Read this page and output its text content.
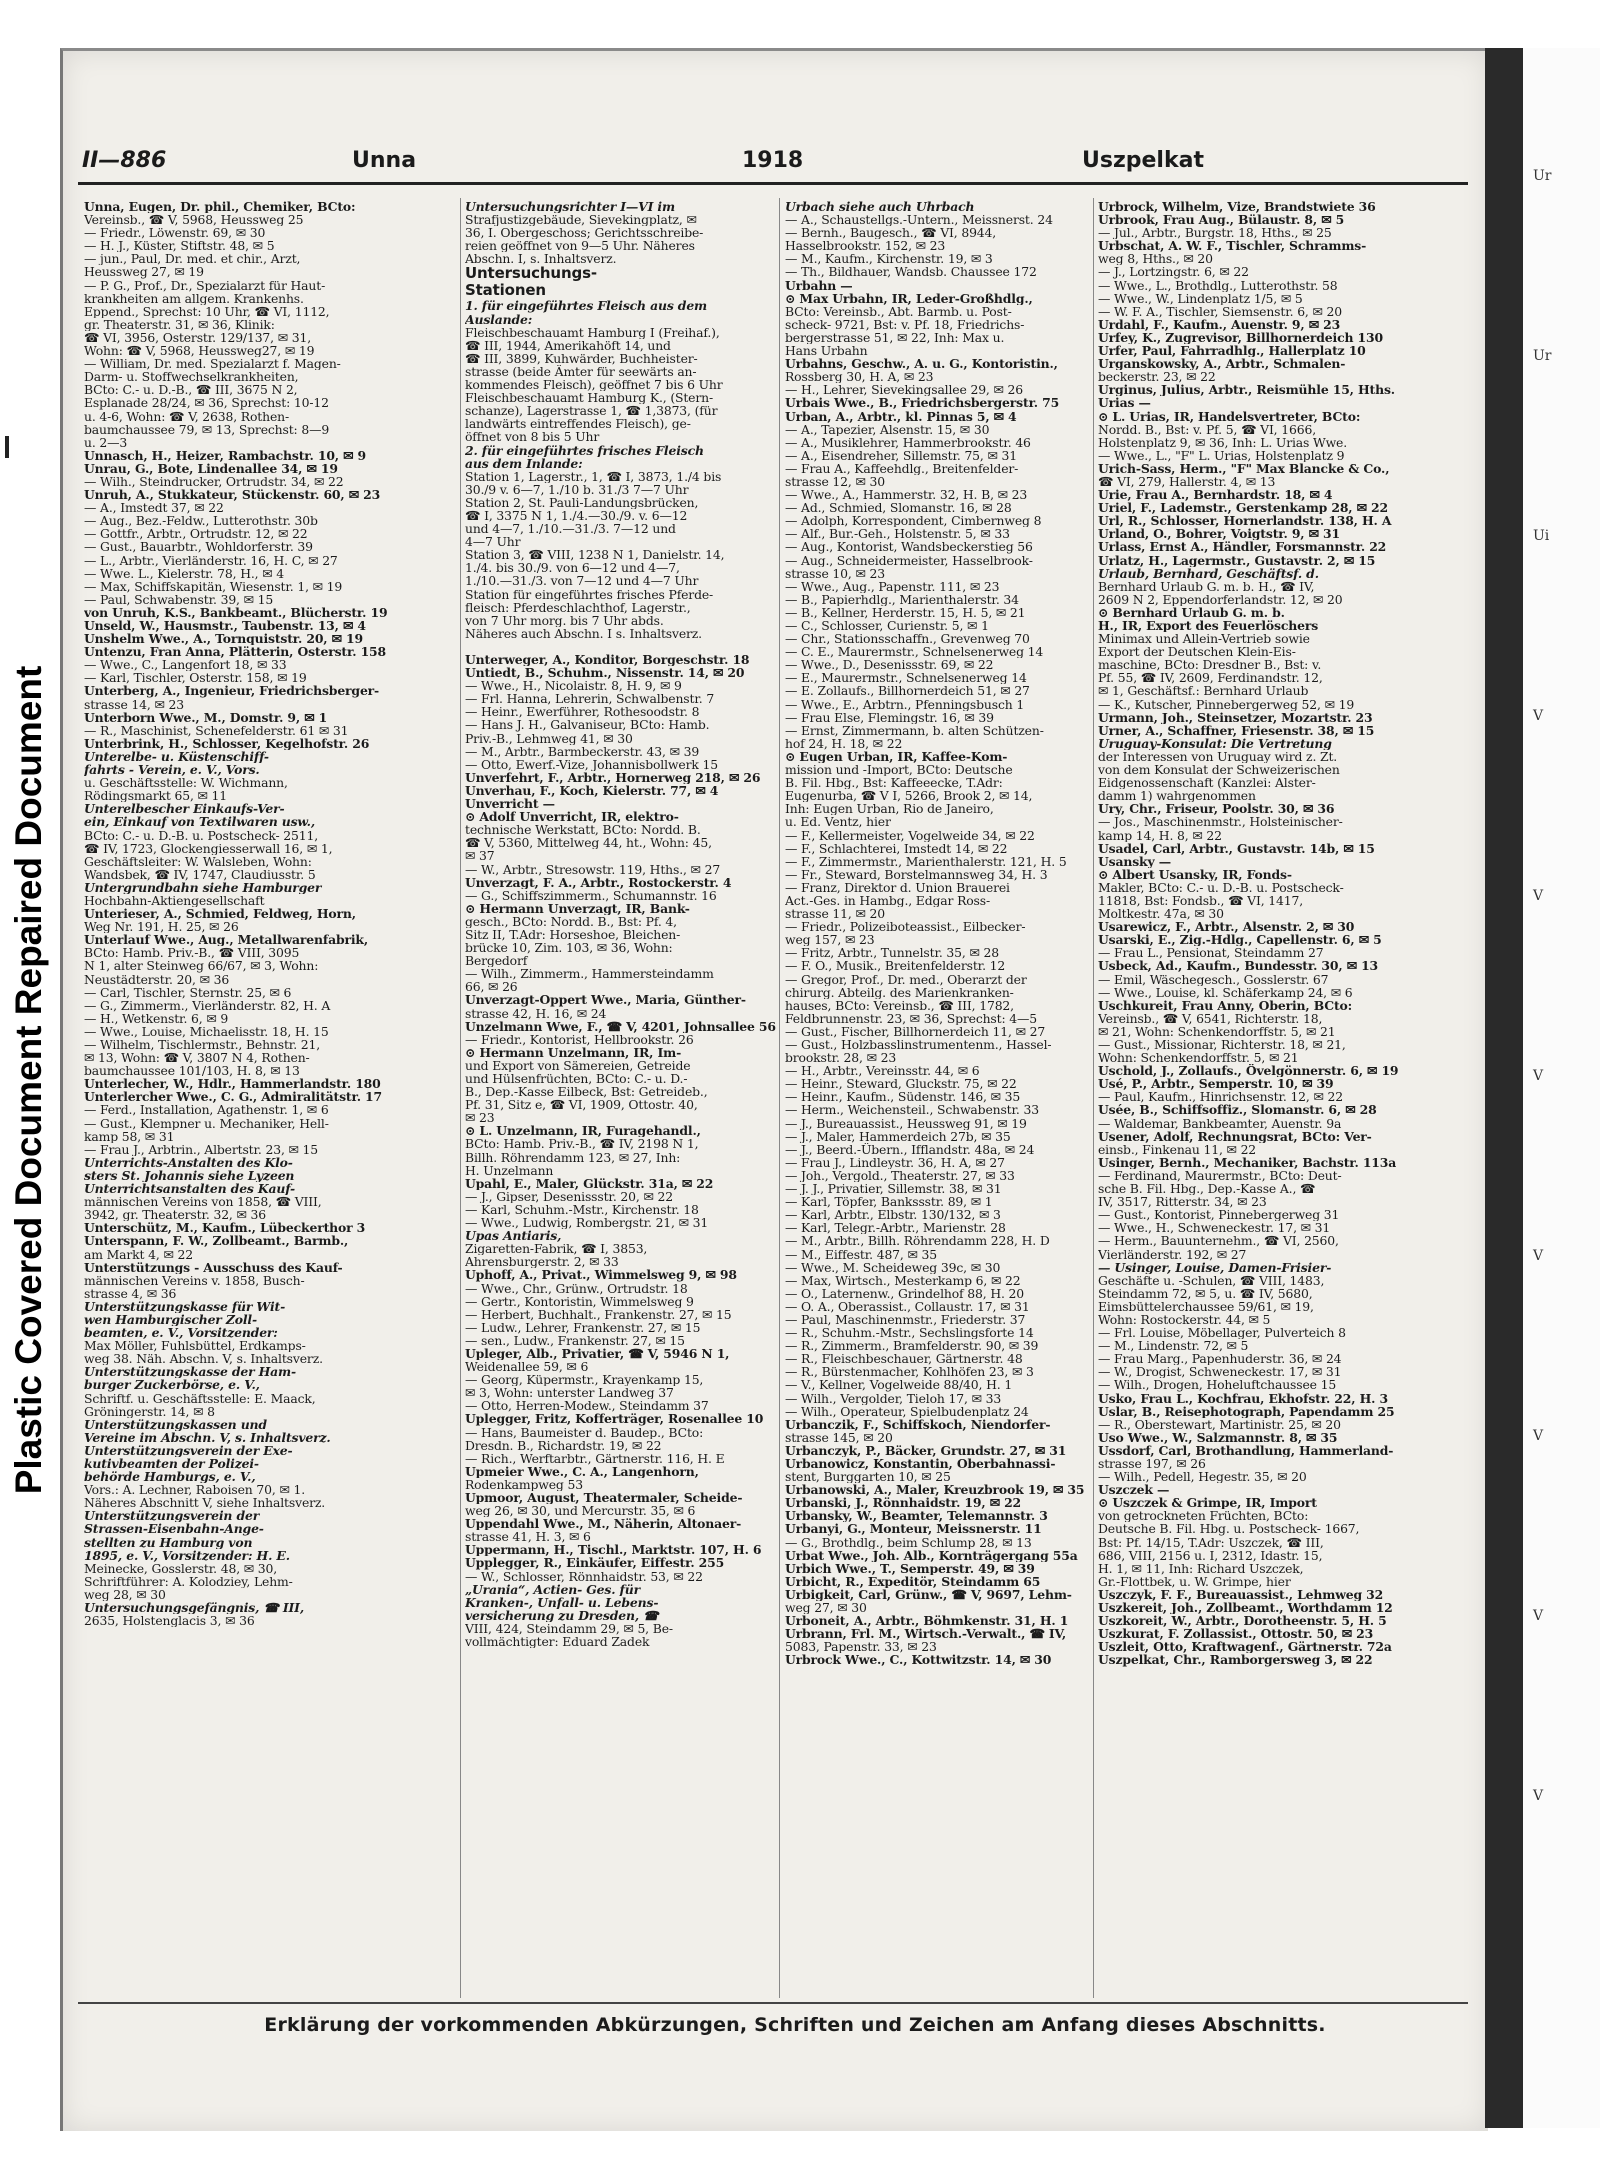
Plastic Covered Document Repaired Document
Ur
Ur
Ui
V
V
V
V
V
V
V
II—886	Unna	1918	Uszpelkat
Unna, Eugen, Dr. phil., Chemiker, BCto:
Vereinsb., ☎ V, 5968, Heussweg 25
— Friedr., Löwenstr. 69, ✉ 30
— H. J., Küster, Stiftstr. 48, ✉ 5
— jun., Paul, Dr. med. et chir., Arzt,
Heussweg 27, ✉ 19
— P. G., Prof., Dr., Spezialarzt für Haut-
krankheiten am allgem. Krankenhs.
Eppend., Sprechst: 10 Uhr, ☎ VI, 1112,
gr. Theaterstr. 31, ✉ 36, Klinik:
☎ VI, 3956, Osterstr. 129/137, ✉ 31,
Wohn: ☎ V, 5968, Heussweg27, ✉ 19
— William, Dr. med. Spezialarzt f. Magen-
Darm- u. Stoffwechselkrankheiten,
BCto: C.- u. D.-B., ☎ III, 3675 N 2,
Esplanade 28/24, ✉ 36, Sprechst: 10-12
u. 4-6, Wohn: ☎ V, 2638, Rothen-
baumchaussee 79, ✉ 13, Sprechst: 8—9
u. 2—3
Unnasch, H., Heizer, Rambachstr. 10, ✉ 9
Unrau, G., Bote, Lindenallee 34, ✉ 19
— Wilh., Steindrucker, Ortrudstr. 34, ✉ 22
Unruh, A., Stukkateur, Stückenstr. 60, ✉ 23
— A., Imstedt 37, ✉ 22
— Aug., Bez.-Feldw., Lutterothstr. 30b
— Gottfr., Arbtr., Ortrudstr. 12, ✉ 22
— Gust., Bauarbtr., Wohldorferstr. 39
— L., Arbtr., Vierländerstr. 16, H. C, ✉ 27
— Wwe. L., Kielerstr. 78, H., ✉ 4
— Max, Schiffskapitän, Wiesenstr. 1, ✉ 19
— Paul, Schwabenstr. 39, ✉ 15
von Unruh, K.S., Bankbeamt., Blücherstr. 19
Unseld, W., Hausmstr., Taubenstr. 13, ✉ 4
Unshelm Wwe., A., Tornquiststr. 20, ✉ 19
Untenzu, Fran Anna, Plätterin, Osterstr. 158
— Wwe., C., Langenfort 18, ✉ 33
— Karl, Tischler, Osterstr. 158, ✉ 19
Unterberg, A., Ingenieur, Friedrichsberger-
strasse 14, ✉ 23
Unterborn Wwe., M., Domstr. 9, ✉ 1
— R., Maschinist, Schenefelderstr. 61 ✉ 31
Unterbrink, H., Schlosser, Kegelhofstr. 26
Unterelbe- u. Küstenschiff-
fahrts - Verein, e. V., Vors.
u. Geschäftsstelle: W. Wichmann,
Rödingsmarkt 65, ✉ 11
Unterelbescher Einkaufs-Ver-
ein, Einkauf von Textilwaren usw.,
BCto: C.- u. D.-B. u. Postscheck- 2511,
☎ IV, 1723, Glockengiesserwall 16, ✉ 1,
Geschäftsleiter: W. Walsleben, Wohn:
Wandsbek, ☎ IV, 1747, Claudiusstr. 5
Untergrundbahn siehe Hamburger
Hochbahn-Aktiengesellschaft
Unterieser, A., Schmied, Feldweg, Horn,
Weg Nr. 191, H. 25, ✉ 26
Unterlauf Wwe., Aug., Metallwarenfabrik,
BCto: Hamb. Priv.-B., ☎ VIII, 3095
N 1, alter Steinweg 66/67, ✉ 3, Wohn:
Neustädterstr. 20, ✉ 36
— Carl, Tischler, Sternstr. 25, ✉ 6
— G., Zimmerm., Vierländerstr. 82, H. A
— H., Wetkenstr. 6, ✉ 9
— Wwe., Louise, Michaelisstr. 18, H. 15
— Wilhelm, Tischlermstr., Behnstr. 21,
✉ 13, Wohn: ☎ V, 3807 N 4, Rothen-
baumchaussee 101/103, H. 8, ✉ 13
Unterlecher, W., Hdlr., Hammerlandstr. 180
Unterlercher Wwe., C. G., Admiralitätstr. 17
— Ferd., Installation, Agathenstr. 1, ✉ 6
— Gust., Klempner u. Mechaniker, Hell-
kamp 58, ✉ 31
— Frau J., Arbtrin., Albertstr. 23, ✉ 15
Unterrichts-Anstalten des Klo-
sters St. Johannis siehe Lyzeen
Unterrichtsanstalten des Kauf-
männischen Vereins von 1858, ☎ VIII,
3942, gr. Theaterstr. 32, ✉ 36
Unterschütz, M., Kaufm., Lübeckerthor 3
Unterspann, F. W., Zollbeamt., Barmb.,
am Markt 4, ✉ 22
Unterstützungs - Ausschuss des Kauf-
männischen Vereins v. 1858, Busch-
strasse 4, ✉ 36
Unterstützungskasse für Wit-
wen Hamburgischer Zoll-
beamten, e. V., Vorsitzender:
Max Möller, Fuhlsbüttel, Erdkamps-
weg 38. Näh. Abschn. V, s. Inhaltsverz.
Unterstützungskasse der Ham-
burger Zuckerbörse, e. V.,
Schriftf. u. Geschäftsstelle: E. Maack,
Gröningerstr. 14, ✉ 8
Unterstützungskassen und
Vereine im Abschn. V, s. Inhaltsverz.
Unterstützungsverein der Exe-
kutivbeamten der Polizei-
behörde Hamburgs, e. V.,
Vors.: A. Lechner, Raboisen 70, ✉ 1.
Näheres Abschnitt V, siehe Inhaltsverz.
Unterstützungsverein der
Strassen-Eisenbahn-Ange-
stellten zu Hamburg von
1895, e. V., Vorsitzender: H. E.
Meinecke, Gosslerstr. 48, ✉ 30,
Schriftführer: A. Kolodziey, Lehm-
weg 28, ✉ 30
Untersuchungsgefängnis, ☎ III,
2635, Holstenglacis 3, ✉ 36
Untersuchungsrichter I—VI im
Strafjustizgebäude, Sievekingplatz, ✉
36, I. Obergeschoss; Gerichtsschreibe-
reien geöffnet von 9—5 Uhr. Näheres
Abschn. I, s. Inhaltsverz.
Untersuchungs-
Stationen
1. für eingeführtes Fleisch aus dem
Auslande:
Fleischbeschauamt Hamburg I (Freihaf.),
☎ III, 1944, Amerikahöft 14, und
☎ III, 3899, Kuhwärder, Buchheister-
strasse (beide Ämter für seewärts an-
kommendes Fleisch), geöffnet 7 bis 6 Uhr
Fleischbeschauamt Hamburg K., (Stern-
schanze), Lagerstrasse 1, ☎ 1,3873, (für
landwärts eintreffendes Fleisch), ge-
öffnet von 8 bis 5 Uhr
2. für eingeführtes frisches Fleisch
aus dem Inlande:
Station 1, Lagerstr., 1, ☎ I, 3873, 1./4 bis
30./9 v. 6—7, 1./10 b. 31./3 7—7 Uhr
Station 2, St. Pauli-Landungsbrücken,
☎ I, 3375 N 1, 1./4.—30./9. v. 6—12
und 4—7, 1./10.—31./3. 7—12 und
4—7 Uhr
Station 3, ☎ VIII, 1238 N 1, Danielstr. 14,
1./4. bis 30./9. von 6—12 und 4—7,
1./10.—31./3. von 7—12 und 4—7 Uhr
Station für eingeführtes frisches Pferde-
fleisch: Pferdeschlachthof, Lagerstr.,
von 7 Uhr morg. bis 7 Uhr abds.
Näheres auch Abschn. I s. Inhaltsverz.
Unterweger, A., Konditor, Borgeschstr. 18
Untiedt, B., Schuhm., Nissenstr. 14, ✉ 20
— Wwe., H., Nicolaistr. 8, H. 9, ✉ 9
— Frl. Hanna, Lehrerin, Schwalbenstr. 7
— Heinr., Ewerführer, Rothesoodstr. 8
— Hans J. H., Galvaniseur, BCto: Hamb.
Priv.-B., Lehmweg 41, ✉ 30
— M., Arbtr., Barmbeckerstr. 43, ✉ 39
— Otto, Ewerf.-Vize, Johannisbollwerk 15
Unverfehrt, F., Arbtr., Hornerweg 218, ✉ 26
Unverhau, F., Koch, Kielerstr. 77, ✉ 4
Unverricht —
⊙ Adolf Unverricht, IR, elektro-
technische Werkstatt, BCto: Nordd. B.
☎ V, 5360, Mittelweg 44, ht., Wohn: 45,
✉ 37
— W., Arbtr., Stresowstr. 119, Hths., ✉ 27
Unverzagt, F. A., Arbtr., Rostockerstr. 4
— G., Schiffszimmerm., Schumannstr. 16
⊙ Hermann Unverzagt, IR, Bank-
gesch., BCto: Nordd. B., Bst: Pf. 4,
Sitz II, T.Adr: Horseshoe, Bleichen-
brücke 10, Zim. 103, ✉ 36, Wohn:
Bergedorf
— Wilh., Zimmerm., Hammersteindamm
66, ✉ 26
Unverzagt-Oppert Wwe., Maria, Günther-
strasse 42, H. 16, ✉ 24
Unzelmann Wwe, F., ☎ V, 4201, Johnsallee 56
— Friedr., Kontorist, Hellbrookstr. 26
⊙ Hermann Unzelmann, IR, Im-
und Export von Sämereien, Getreide
und Hülsenfrüchten, BCto: C.- u. D.-
B., Dep.-Kasse Eilbeck, Bst: Getreideb.,
Pf. 31, Sitz e, ☎ VI, 1909, Ottostr. 40,
✉ 23
⊙ L. Unzelmann, IR, Furagehandl.,
BCto: Hamb. Priv.-B., ☎ IV, 2198 N 1,
Billh. Röhrendamm 123, ✉ 27, Inh:
H. Unzelmann
Upahl, E., Maler, Glückstr. 31a, ✉ 22
— J., Gipser, Desenissstr. 20, ✉ 22
— Karl, Schuhm.-Mstr., Kirchenstr. 18
— Wwe., Ludwig, Rombergstr. 21, ✉ 31
Upas Antiaris,
Zigaretten-Fabrik, ☎ I, 3853,
Ahrensburgerstr. 2, ✉ 33
Uphoff, A., Privat., Wimmelsweg 9, ✉ 98
— Wwe., Chr., Grünw., Ortrudstr. 18
— Gertr., Kontoristin, Wimmelsweg 9
— Herbert, Buchhalt., Frankenstr. 27, ✉ 15
— Ludw., Lehrer, Frankenstr. 27, ✉ 15
— sen., Ludw., Frankenstr. 27, ✉ 15
Upleger, Alb., Privatier, ☎ V, 5946 N 1,
Weidenallee 59, ✉ 6
— Georg, Küpermstr., Krayenkamp 15,
✉ 3, Wohn: unterster Landweg 37
— Otto, Herren-Modew., Steindamm 37
Uplegger, Fritz, Kofferträger, Rosenallee 10
— Hans, Baumeister d. Baudep., BCto:
Dresdn. B., Richardstr. 19, ✉ 22
— Rich., Werftarbtr., Gärtnerstr. 116, H. E
Upmeier Wwe., C. A., Langenhorn,
Rodenkampweg 53
Upmoor, August, Theatermaler, Scheide-
weg 26, ✉ 30, und Mercurstr. 35, ✉ 6
Uppendahl Wwe., M., Näherin, Altonaer-
strasse 41, H. 3, ✉ 6
Uppermann, H., Tischl., Marktstr. 107, H. 6
Upplegger, R., Einkäufer, Eiffestr. 255
— W., Schlosser, Rönnhaidstr. 53, ✉ 22
„Urania“, Actien- Ges. für
Kranken-, Unfall- u. Lebens-
versicherung zu Dresden, ☎
VIII, 424, Steindamm 29, ✉ 5, Be-
vollmächtigter: Eduard Zadek
Urbach siehe auch Uhrbach
— A., Schaustellgs.-Untern., Meissnerst. 24
— Bernh., Baugesch., ☎ VI, 8944,
Hasselbrookstr. 152, ✉ 23
— M., Kaufm., Kirchenstr. 19, ✉ 3
— Th., Bildhauer, Wandsb. Chaussee 172
Urbahn —
⊙ Max Urbahn, IR, Leder-Großhdlg.,
BCto: Vereinsb., Abt. Barmb. u. Post-
scheck- 9721, Bst: v. Pf. 18, Friedrichs-
bergerstrasse 51, ✉ 22, Inh: Max u.
Hans Urbahn
Urbahns, Geschw., A. u. G., Kontoristin.,
Rossberg 30, H. A, ✉ 23
— H., Lehrer, Sievekingsallee 29, ✉ 26
Urbais Wwe., B., Friedrichsbergerstr. 75
Urban, A., Arbtr., kl. Pinnas 5, ✉ 4
— A., Tapezier, Alsenstr. 15, ✉ 30
— A., Musiklehrer, Hammerbrookstr. 46
— A., Eisendreher, Sillemstr. 75, ✉ 31
— Frau A., Kaffeehdlg., Breitenfelder-
strasse 12, ✉ 30
— Wwe., A., Hammerstr. 32, H. B, ✉ 23
— Ad., Schmied, Slomanstr. 16, ✉ 28
— Adolph, Korrespondent, Cimbernweg 8
— Alf., Bur.-Geh., Holstenstr. 5, ✉ 33
— Aug., Kontorist, Wandsbeckerstieg 56
— Aug., Schneidermeister, Hasselbrook-
strasse 10, ✉ 23
— Wwe., Aug., Papenstr. 111, ✉ 23
— B., Papierhdlg., Marienthalerstr. 34
— B., Kellner, Herderstr. 15, H. 5, ✉ 21
— C., Schlosser, Curienstr. 5, ✉ 1
— Chr., Stationsschaffn., Grevenweg 70
— C. E., Maurermstr., Schnelsenerweg 14
— Wwe., D., Desenissstr. 69, ✉ 22
— E., Maurermstr., Schnelsenerweg 14
— E. Zollaufs., Billhornerdeich 51, ✉ 27
— Wwe., E., Arbtrn., Pfenningsbusch 1
— Frau Else, Flemingstr. 16, ✉ 39
— Ernst, Zimmermann, b. alten Schützen-
hof 24, H. 18, ✉ 22
⊙ Eugen Urban, IR, Kaffee-Kom-
mission und -Import, BCto: Deutsche
B. Fil. Hbg., Bst: Kaffeeecke, T.Adr:
Eugenurba, ☎ V I, 5266, Brook 2, ✉ 14,
Inh: Eugen Urban, Rio de Janeiro,
u. Ed. Ventz, hier
— F., Kellermeister, Vogelweide 34, ✉ 22
— F., Schlachterei, Imstedt 14, ✉ 22
— F., Zimmermstr., Marienthalerstr. 121, H. 5
— Fr., Steward, Borstelmannsweg 34, H. 3
— Franz, Direktor d. Union Brauerei
Act.-Ges. in Hambg., Edgar Ross-
strasse 11, ✉ 20
— Friedr., Polizeiboteassist., Eilbecker-
weg 157, ✉ 23
— Fritz, Arbtr., Tunnelstr. 35, ✉ 28
— F. O., Musik., Breitenfelderstr. 12
— Gregor, Prof., Dr. med., Oberarzt der
chirurg. Abteilg. des Marienkranken-
hauses, BCto: Vereinsb., ☎ III, 1782,
Feldbrunnenstr. 23, ✉ 36, Sprechst: 4—5
— Gust., Fischer, Billhornerdeich 11, ✉ 27
— Gust., Holzbasslinstrumentenm., Hassel-
brookstr. 28, ✉ 23
— H., Arbtr., Vereinsstr. 44, ✉ 6
— Heinr., Steward, Gluckstr. 75, ✉ 22
— Heinr., Kaufm., Südenstr. 146, ✉ 35
— Herm., Weichensteil., Schwabenstr. 33
— J., Bureauassist., Heussweg 91, ✉ 19
— J., Maler, Hammerdeich 27b, ✉ 35
— J., Beerd.-Übern., Ifflandstr. 48a, ✉ 24
— Frau J., Lindleystr. 36, H. A, ✉ 27
— Joh., Vergold., Theaterstr. 27, ✉ 33
— J. J., Privatier, Sillemstr. 38, ✉ 31
— Karl, Töpfer, Bankssstr. 89, ✉ 1
— Karl, Arbtr., Elbstr. 130/132, ✉ 3
— Karl, Telegr.-Arbtr., Marienstr. 28
— M., Arbtr., Billh. Röhrendamm 228, H. D
— M., Eiffestr. 487, ✉ 35
— Wwe., M. Scheideweg 39c, ✉ 30
— Max, Wirtsch., Mesterkamp 6, ✉ 22
— O., Laternenw., Grindelhof 88, H. 20
— O. A., Oberassist., Collaustr. 17, ✉ 31
— Paul, Maschinenmstr., Friederstr. 37
— R., Schuhm.-Mstr., Sechslingsforte 14
— R., Zimmerm., Bramfelderstr. 90, ✉ 39
— R., Fleischbeschauer, Gärtnerstr. 48
— R., Bürstenmacher, Kohlhöfen 23, ✉ 3
— V., Kellner, Vogelweide 88/40, H. 1
— Wilh., Vergolder, Tieloh 17, ✉ 33
— Wilh., Operateur, Spielbudenplatz 24
Urbanczik, F., Schiffskoch, Niendorfer-
strasse 145, ✉ 20
Urbanczyk, P., Bäcker, Grundstr. 27, ✉ 31
Urbanowicz, Konstantin, Oberbahnassi-
stent, Burggarten 10, ✉ 25
Urbanowski, A., Maler, Kreuzbrook 19, ✉ 35
Urbanski, J., Rönnhaidstr. 19, ✉ 22
Urbansky, W., Beamter, Telemannstr. 3
Urbanyi, G., Monteur, Meissnerstr. 11
— G., Brothdlg., beim Schlump 28, ✉ 13
Urbat Wwe., Joh. Alb., Kornträgergang 55a
Urbich Wwe., T., Semperstr. 49, ✉ 39
Urbicht, R., Expeditör, Steindamm 65
Urbigkeit, Carl, Grünw., ☎ V, 9697, Lehm-
weg 27, ✉ 30
Urboneit, A., Arbtr., Böhmkenstr. 31, H. 1
Urbrann, Frl. M., Wirtsch.-Verwalt., ☎ IV,
5083, Papenstr. 33, ✉ 23
Urbrock Wwe., C., Kottwitzstr. 14, ✉ 30
Urbrock, Wilhelm, Vize, Brandstwiete 36
Urbrook, Frau Aug., Bülaustr. 8, ✉ 5
— Jul., Arbtr., Burgstr. 18, Hths., ✉ 25
Urbschat, A. W. F., Tischler, Schramms-
weg 8, Hths., ✉ 20
— J., Lortzingstr. 6, ✉ 22
— Wwe., L., Brothdlg., Lutterothstr. 58
— Wwe., W., Lindenplatz 1/5, ✉ 5
— W. F. A., Tischler, Siemsenstr. 6, ✉ 20
Urdahl, F., Kaufm., Auenstr. 9, ✉ 23
Urfey, K., Zugrevisor, Billhornerdeich 130
Urfer, Paul, Fahrradhlg., Hallerplatz 10
Urganskowsky, A., Arbtr., Schmalen-
beckerstr. 23, ✉ 22
Urginus, Julius, Arbtr., Reismühle 15, Hths.
Urias —
⊙ L. Urias, IR, Handelsvertreter, BCto:
Nordd. B., Bst: v. Pf. 5, ☎ VI, 1666,
Holstenplatz 9, ✉ 36, Inh: L. Urias Wwe.
— Wwe., L., "F" L. Urias, Holstenplatz 9
Urich-Sass, Herm., "F" Max Blancke & Co.,
☎ VI, 279, Hallerstr. 4, ✉ 13
Urie, Frau A., Bernhardstr. 18, ✉ 4
Uriel, F., Lademstr., Gerstenkamp 28, ✉ 22
Url, R., Schlosser, Hornerlandstr. 138, H. A
Urland, O., Bohrer, Voigtstr. 9, ✉ 31
Urlass, Ernst A., Händler, Forsmannstr. 22
Urlatz, H., Lagermstr., Gustavstr. 2, ✉ 15
Urlaub, Bernhard, Geschäftsf. d.
Bernhard Urlaub G. m. b. H., ☎ IV,
2609 N 2, Eppendorferlandstr. 12, ✉ 20
⊙ Bernhard Urlaub G. m. b.
H., IR, Export des Feuerlöschers
Minimax und Allein-Vertrieb sowie
Export der Deutschen Klein-Eis-
maschine, BCto: Dresdner B., Bst: v.
Pf. 55, ☎ IV, 2609, Ferdinandstr. 12,
✉ 1, Geschäftsf.: Bernhard Urlaub
— K., Kutscher, Pinnebergerweg 52, ✉ 19
Urmann, Joh., Steinsetzer, Mozartstr. 23
Urner, A., Schaffner, Friesenstr. 38, ✉ 15
Uruguay-Konsulat: Die Vertretung
der Interessen von Uruguay wird z. Zt.
von dem Konsulat der Schweizerischen
Eidgenossenschaft (Kanzlei: Alster-
damm 1) wahrgenommen
Ury, Chr., Friseur, Poolstr. 30, ✉ 36
— Jos., Maschinenmstr., Holsteinischer-
kamp 14, H. 8, ✉ 22
Usadel, Carl, Arbtr., Gustavstr. 14b, ✉ 15
Usansky —
⊙ Albert Usansky, IR, Fonds-
Makler, BCto: C.- u. D.-B. u. Postscheck-
11818, Bst: Fondsb., ☎ VI, 1417,
Moltkestr. 47a, ✉ 30
Usarewicz, F., Arbtr., Alsenstr. 2, ✉ 30
Usarski, E., Zig.-Hdlg., Capellenstr. 6, ✉ 5
— Frau L., Pensionat, Steindamm 27
Usbeck, Ad., Kaufm., Bundesstr. 30, ✉ 13
— Emil, Wäschegesch., Gosslerstr. 67
— Wwe., Louise, kl. Schäferkamp 24, ✉ 6
Uschkureit, Frau Anny, Oberin, BCto:
Vereinsb., ☎ V, 6541, Richterstr. 18,
✉ 21, Wohn: Schenkendorffstr. 5, ✉ 21
— Gust., Missionar, Richterstr. 18, ✉ 21,
Wohn: Schenkendorffstr. 5, ✉ 21
Uschold, J., Zollaufs., Övelgönnerstr. 6, ✉ 19
Usé, P., Arbtr., Semperstr. 10, ✉ 39
— Paul, Kaufm., Hinrichsenstr. 12, ✉ 22
Usée, B., Schiffsoffiz., Slomanstr. 6, ✉ 28
— Waldemar, Bankbeamter, Auenstr. 9a
Usener, Adolf, Rechnungsrat, BCto: Ver-
einsb., Finkenau 11, ✉ 22
Usinger, Bernh., Mechaniker, Bachstr. 113a
— Ferdinand, Maurermstr., BCto: Deut-
sche B. Fil. Hbg., Dep.-Kasse A., ☎
IV, 3517, Ritterstr. 34, ✉ 23
— Gust., Kontorist, Pinnebergerweg 31
— Wwe., H., Schweneckestr. 17, ✉ 31
— Herm., Bauunternehm., ☎ VI, 2560,
Vierländerstr. 192, ✉ 27
— Usinger, Louise, Damen-Frisier-
Geschäfte u. -Schulen, ☎ VIII, 1483,
Steindamm 72, ✉ 5, u. ☎ IV, 5680,
Eimsbüttelerchaussee 59/61, ✉ 19,
Wohn: Rostockerstr. 44, ✉ 5
— Frl. Louise, Möbellager, Pulverteich 8
— M., Lindenstr. 72, ✉ 5
— Frau Marg., Papenhuderstr. 36, ✉ 24
— W., Drogist, Schweneckestr. 17, ✉ 31
— Wilh., Drogen, Hoheluftchaussee 15
Usko, Frau L., Kochfrau, Ekhofstr. 22, H. 3
Uslar, B., Reisephotograph, Papendamm 25
— R., Oberstewart, Martinistr. 25, ✉ 20
Uso Wwe., W., Salzmannstr. 8, ✉ 35
Ussdorf, Carl, Brothandlung, Hammerland-
strasse 197, ✉ 26
— Wilh., Pedell, Hegestr. 35, ✉ 20
Uszczek —
⊙ Uszczek & Grimpe, IR, Import
von getrockneten Früchten, BCto:
Deutsche B. Fil. Hbg. u. Postscheck- 1667,
Bst: Pf. 14/15, T.Adr: Uszczek, ☎ III,
686, VIII, 2156 u. I, 2312, Idastr. 15,
H. 1, ✉ 11, Inh: Richard Uszczek,
Gr.-Flottbek, u. W. Grimpe, hier
Uszczyk, F. F., Bureauassist., Lehmweg 32
Uszkereit, Joh., Zollbeamt., Worthdamm 12
Uszkoreit, W., Arbtr., Dorotheenstr. 5, H. 5
Uszkurat, F. Zollassist., Ottostr. 50, ✉ 23
Uszleit, Otto, Kraftwagenf., Gärtnerstr. 72a
Uszpelkat, Chr., Ramborgersweg 3, ✉ 22
Erklärung der vorkommenden Abkürzungen, Schriften und Zeichen am Anfang dieses Abschnitts.
